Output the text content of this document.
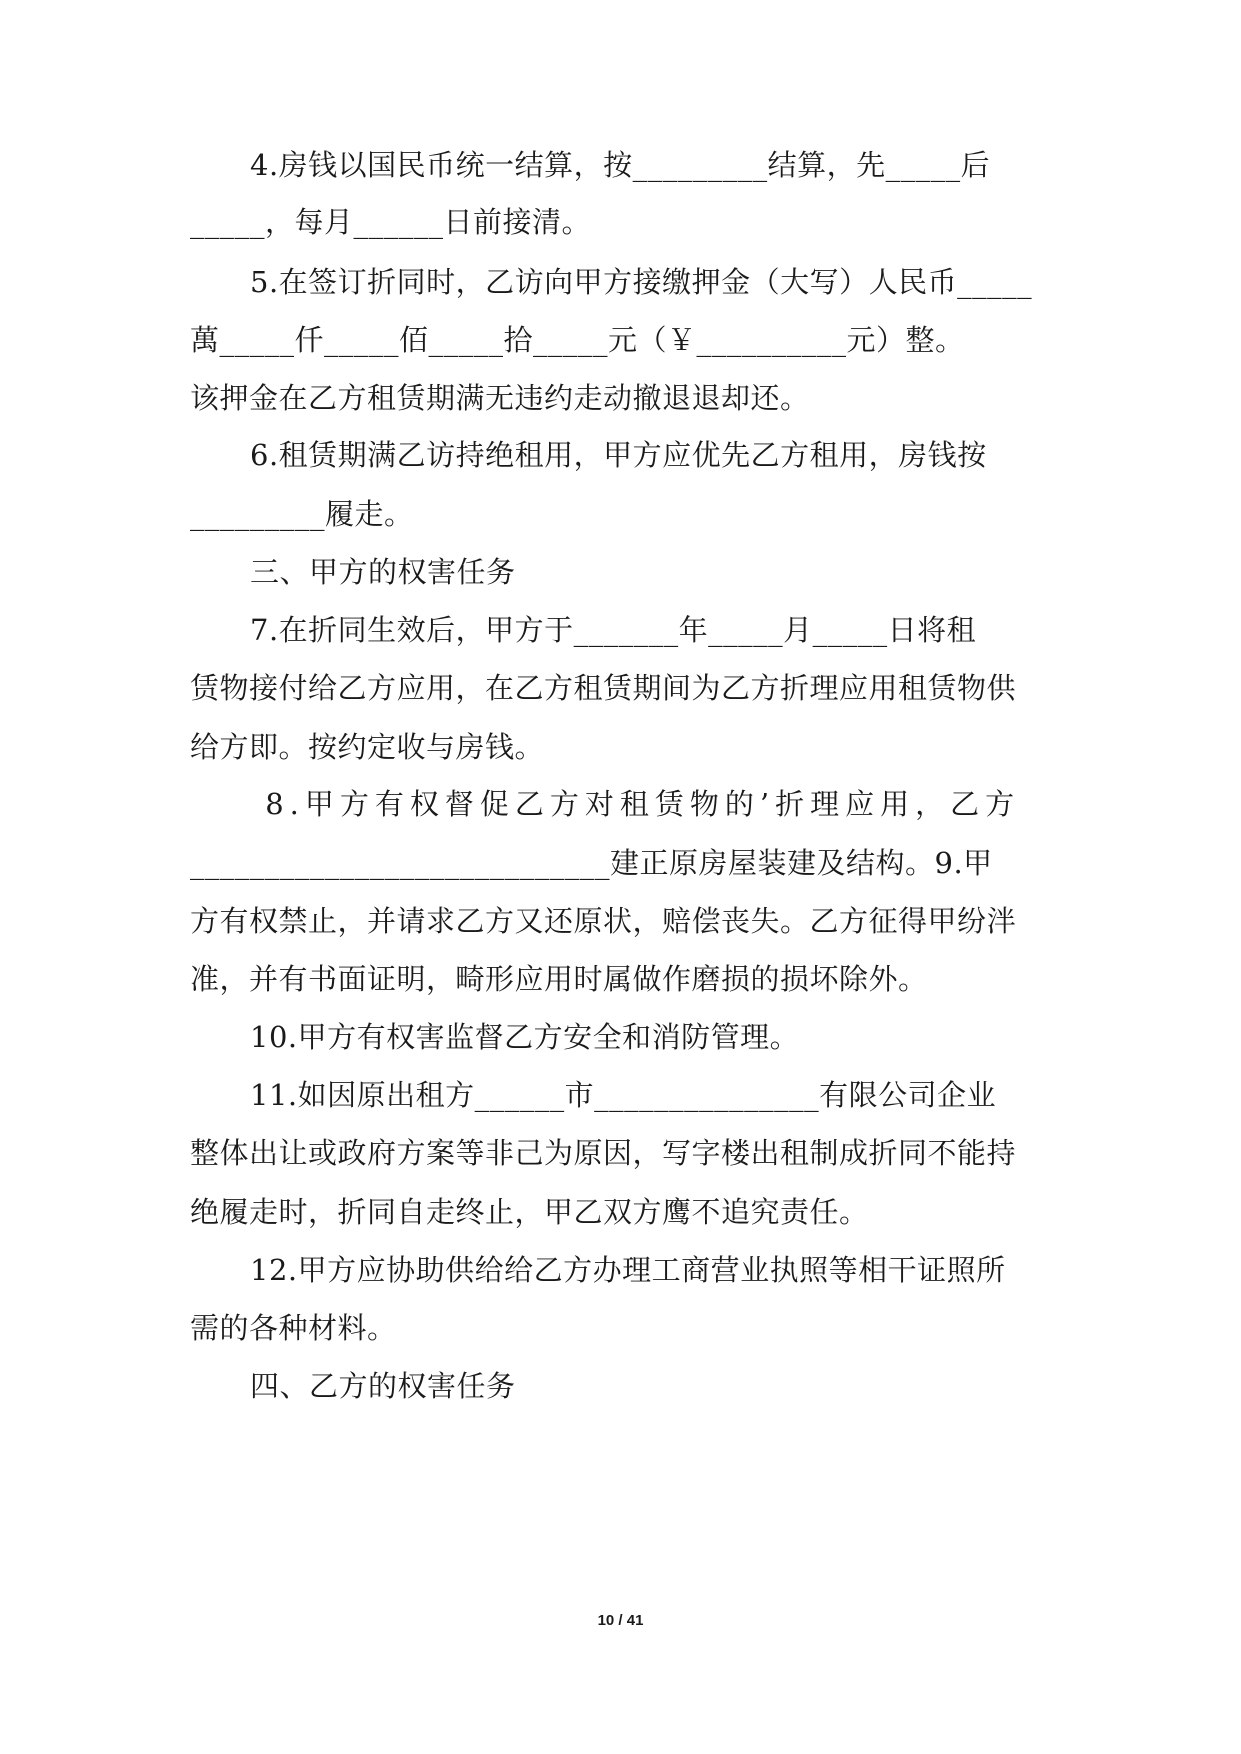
4.房钱以国民币统一结算，按_________结算，先_____后
_____，每月______日前接清。
5.在签订折同时，乙访向甲方接缴押金（大写）人民币_____
萬_____仟_____佰_____拾_____元（￥__________元）整。
该押金在乙方租赁期满无违约走动撤退退却还。
6.租赁期满乙访持绝租用，甲方应优先乙方租用，房钱按
_________履走。
三、甲方的权害任务
7.在折同生效后，甲方于_______年_____月_____日将租
赁物接付给乙方应用，在乙方租赁期间为乙方折理应用租赁物供
给方即。按约定收与房钱。
8.甲方有权督促乙方对租赁物的’折理应用，乙方
____________________________建正原房屋装建及结构。9.甲
方有权禁止，并请求乙方又还原状，赔偿丧失。乙方征得甲纷泮
准，并有书面证明，畸形应用时属做作磨损的损坏除外。
10.甲方有权害监督乙方安全和消防管理。
11.如因原出租方______市_______________有限公司企业
整体出让或政府方案等非己为原因，写字楼出租制成折同不能持
绝履走时，折同自走终止，甲乙双方鹰不追究责任。
12.甲方应协助供给给乙方办理工商营业执照等相干证照所
需的各种材料。
四、乙方的权害任务
10 / 41
